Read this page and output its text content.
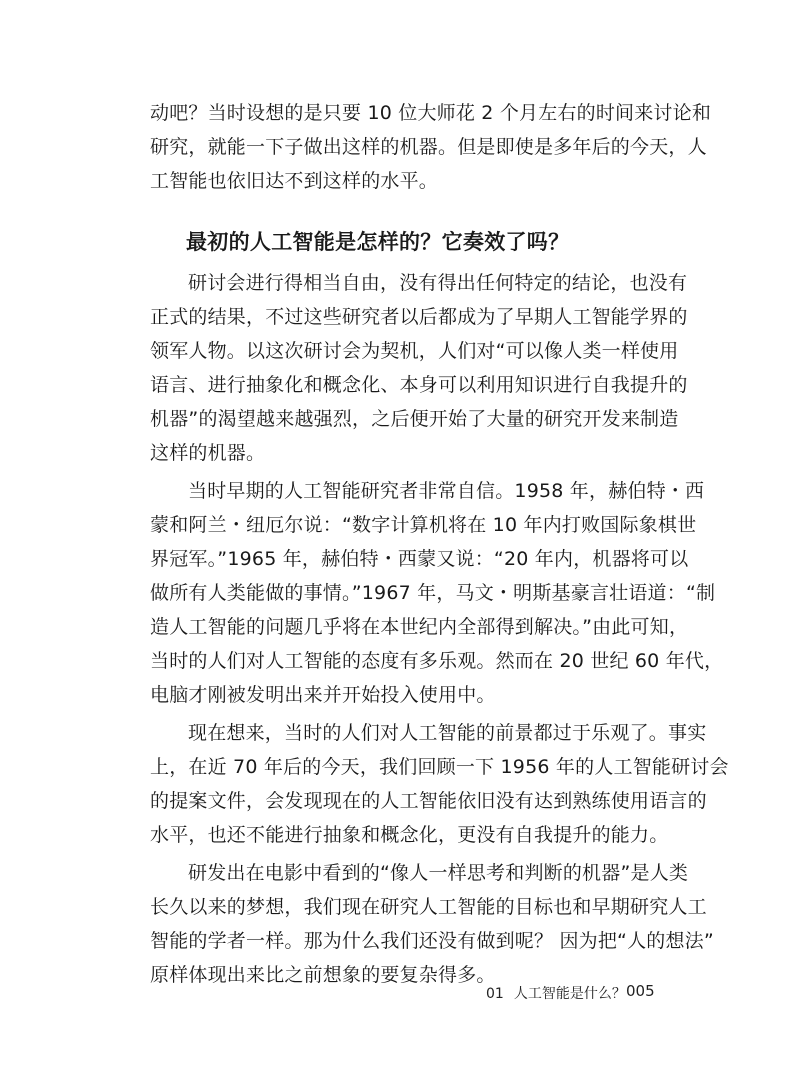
动吧？当时设想的是只要 10 位大师花 2 个月左右的时间来讨论和
研究，就能一下子做出这样的机器。但是即使是多年后的今天，人
工智能也依旧达不到这样的水平。
最初的人工智能是怎样的？它奏效了吗？
研讨会进行得相当自由，没有得出任何特定的结论，也没有
正式的结果，不过这些研究者以后都成为了早期人工智能学界的
领军人物。以这次研讨会为契机，人们对“可以像人类一样使用
语言、进行抽象化和概念化、本身可以利用知识进行自我提升的
机器”的渴望越来越强烈，之后便开始了大量的研究开发来制造
这样的机器。
当时早期的人工智能研究者非常自信。1958 年，赫伯特・西
蒙和阿兰・纽厄尔说：“数字计算机将在 10 年内打败国际象棋世
界冠军。”1965 年，赫伯特・西蒙又说：“20 年内，机器将可以
做所有人类能做的事情。”1967 年，马文・明斯基豪言壮语道：“制
造人工智能的问题几乎将在本世纪内全部得到解决。”由此可知，
当时的人们对人工智能的态度有多乐观。然而在 20 世纪 60 年代，
电脑才刚被发明出来并开始投入使用中。
现在想来，当时的人们对人工智能的前景都过于乐观了。事实
上，在近 70 年后的今天，我们回顾一下 1956 年的人工智能研讨会
的提案文件，会发现现在的人工智能依旧没有达到熟练使用语言的
水平，也还不能进行抽象和概念化，更没有自我提升的能力。
研发出在电影中看到的“像人一样思考和判断的机器”是人类
长久以来的梦想，我们现在研究人工智能的目标也和早期研究人工
智能的学者一样。那为什么我们还没有做到呢？ 因为把“人的想法”
原样体现出来比之前想象的要复杂得多。
01 人工智能是什么？ 005
